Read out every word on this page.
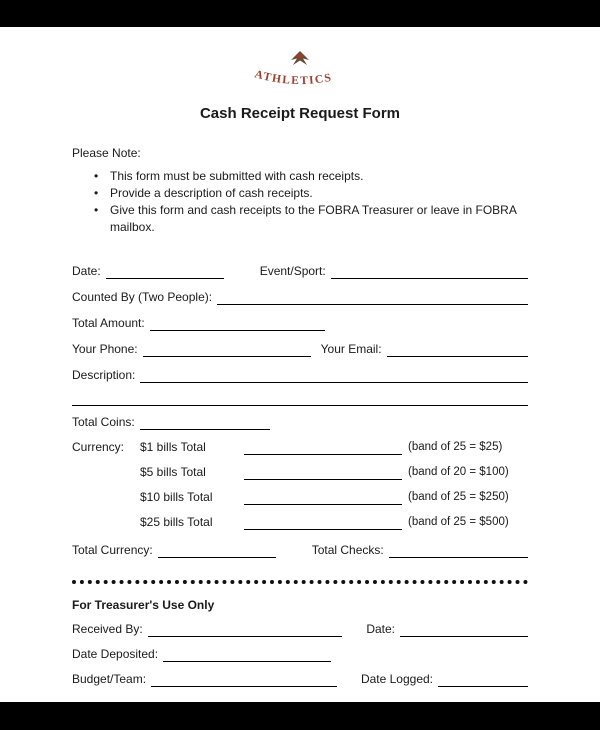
ATHLETICS
Cash Receipt Request Form
Please Note:
• This form must be submitted with cash receipts.
• Provide a description of cash receipts.
• Give this form and cash receipts to the FOBRA Treasurer or leave in FOBRA mailbox.
Date:	Event/Sport:
Counted By (Two People):
Total Amount:
Your Phone:	Your Email:
Description:
Total Coins:
Currency:	$1 bills Total	(band of 25 = $25)
$5 bills Total	(band of 20 = $100)
$10 bills Total	(band of 25 = $250)
$25 bills Total	(band of 25 = $500)
Total Currency:	Total Checks:
For Treasurer's Use Only
Received By:	Date:
Date Deposited:
Budget/Team:	Date Logged:
